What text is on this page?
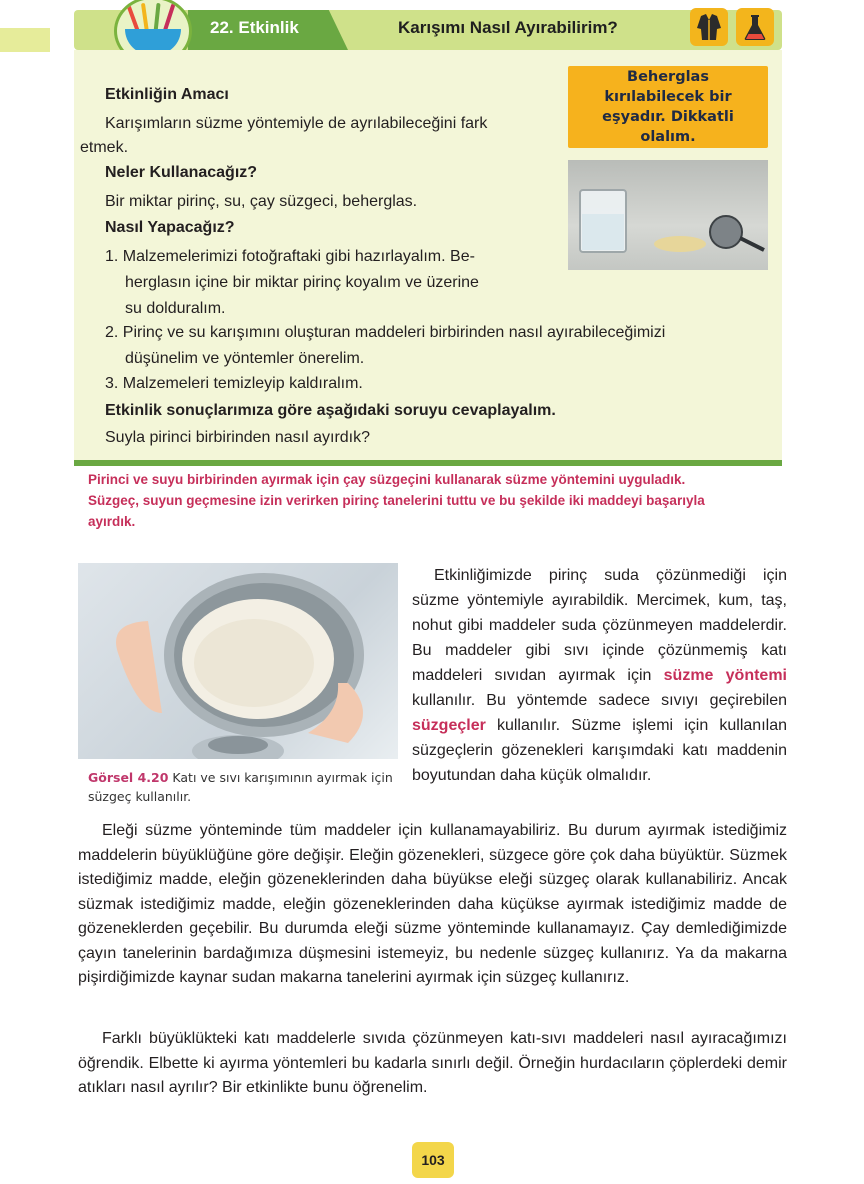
22. Etkinlik	Karışımı Nasıl Ayırabilirim?
Etkinliğin Amacı
Karışımların süzme yöntemiyle de ayrılabileceğini fark
etmek.
Neler Kullanacağız?
Bir miktar pirinç, su, çay süzgeci, beherglas.
Nasıl Yapacağız?
1. Malzemelerimizi fotoğraftaki gibi hazırlayalım. Be-
herglasın içine bir miktar pirinç koyalım ve üzerine
su dolduralım.
2. Pirinç ve su karışımını oluşturan maddeleri birbirinden nasıl ayırabileceğimizi
düşünelim ve yöntemler önerelim.
3. Malzemeleri temizleyip kaldıralım.
Etkinlik sonuçlarımıza göre aşağıdaki soruyu cevaplayalım.
Suyla pirinci birbirinden nasıl ayırdık?
Beherglas kırılabilecek bir eşyadır. Dikkatli olalım.
Pirinci ve suyu birbirinden ayırmak için çay süzgeçini kullanarak süzme yöntemini uyguladık.
Süzgeç, suyun geçmesine izin verirken pirinç tanelerini tuttu ve bu şekilde iki maddeyi başarıyla
ayırdık.
Görsel 4.20 Katı ve sıvı karışımının ayırmak için
süzgeç kullanılır.
Etkinliğimizde pirinç suda çözünmediği için süzme yöntemiyle ayırabildik. Mercimek, kum, taş, nohut gibi maddeler suda çözünmeyen maddelerdir. Bu maddeler gibi sıvı içinde çözünmemiş katı maddeleri sıvıdan ayırmak için süzme yöntemi kullanılır. Bu yöntemde sadece sıvıyı geçirebilen süzgeçler kullanılır. Süzme işlemi için kullanılan süzgeçlerin gözenekleri karışımdaki katı maddenin boyutundan daha küçük olmalıdır.
Eleği süzme yönteminde tüm maddeler için kullanamayabiliriz. Bu durum ayırmak istediğimiz maddelerin büyüklüğüne göre değişir. Eleğin gözenekleri, süzgece göre çok daha büyüktür. Süzmek istediğimiz madde, eleğin gözeneklerinden daha büyükse eleği süzgeç olarak kullanabiliriz. Ancak süzmak istediğimiz madde, eleğin gözeneklerinden daha küçükse ayırmak istediğimiz madde de gözeneklerden geçebilir. Bu durumda eleği süzme yönteminde kullanamayız. Çay demlediğimizde çayın tanelerinin bardağımıza düşmesini istemeyiz, bu nedenle süzgeç kullanırız. Ya da makarna pişirdiğimizde kaynar sudan makarna tanelerini ayırmak için süzgeç kullanırız.
Farklı büyüklükteki katı maddelerle sıvıda çözünmeyen katı-sıvı maddeleri nasıl ayıracağımızı öğrendik. Elbette ki ayırma yöntemleri bu kadarla sınırlı değil. Örneğin hurdacıların çöplerdeki demir atıkları nasıl ayrılır? Bir etkinlikte bunu öğrenelim.
103
